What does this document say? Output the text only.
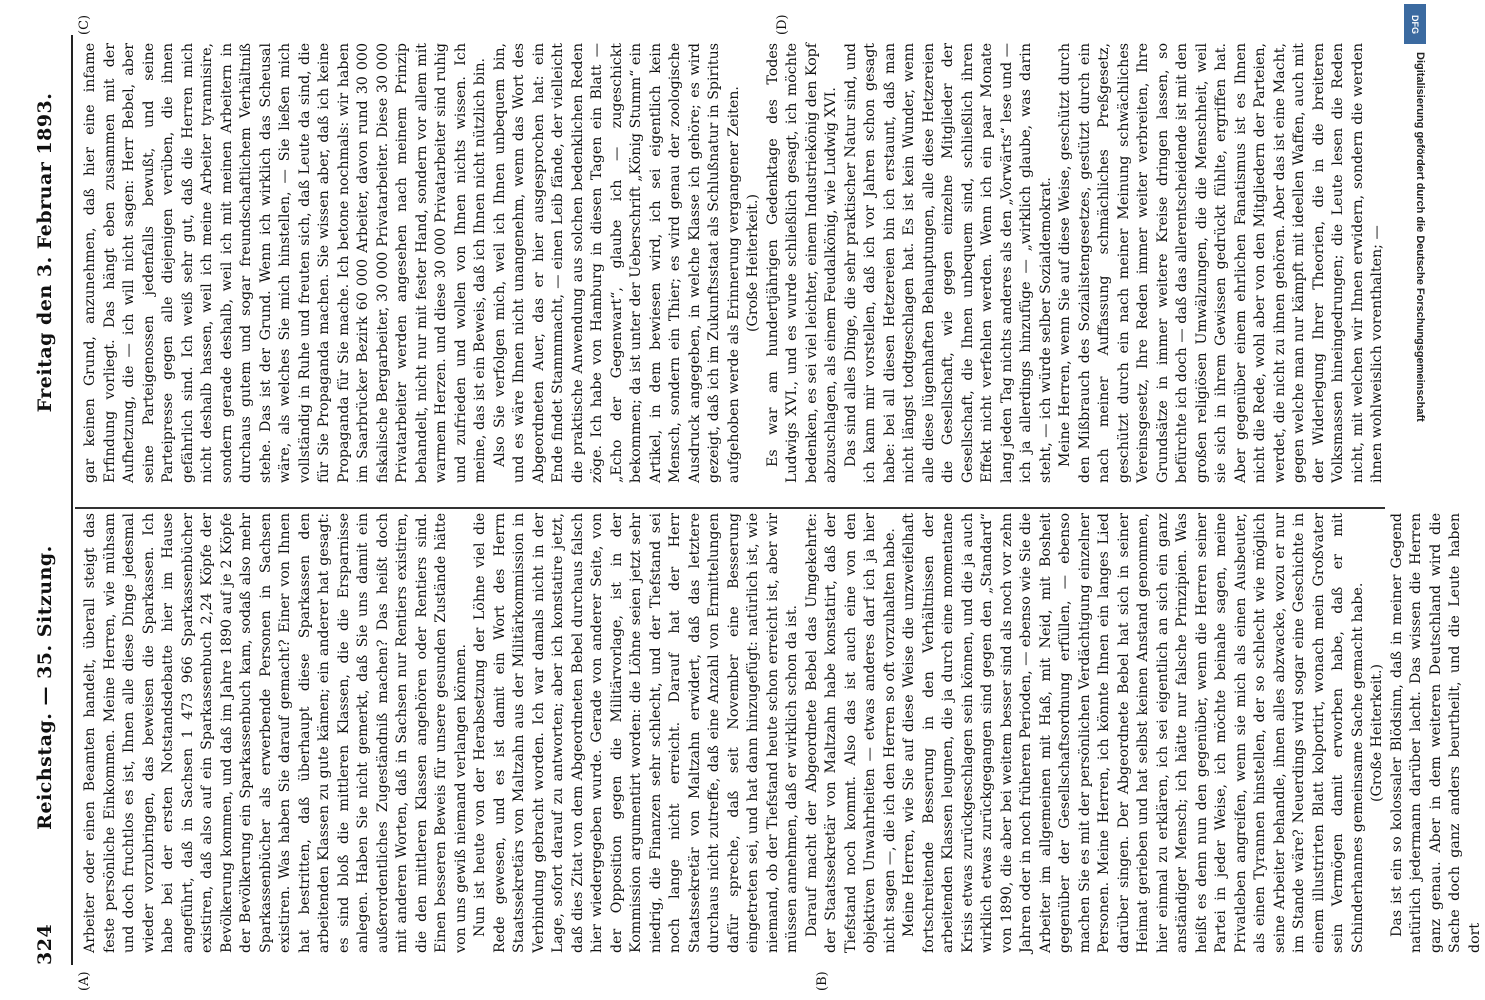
324
Reichstag. — 35. Sitzung.
Freitag den 3. Februar 1893.
(A)	(B)
(C)	(D)

Arbeiter oder einen Beamten handelt, überall steigt das feste persönliche Einkommen. Meine Herren, wie mühsam und doch fruchtlos es ist, Ihnen alle diese Dinge jedesmal wieder vorzubringen, das beweisen die Sparkassen. Ich habe bei der ersten Notstandsdebatte hier im Hause angeführt, daß in Sachsen 1 473 966 Sparkassenbücher existiren, daß also auf ein Sparkassenbuch 2,24 Köpfe der Bevölkerung kommen, und daß im Jahre 1890 auf je 2 Köpfe der Bevölkerung ein Sparkassenbuch kam, sodaß also mehr Sparkassenbücher als erwerbende Personen in Sachsen existiren. Was haben Sie darauf gemacht? Einer von Ihnen hat bestritten, daß überhaupt diese Sparkassen den arbeitenden Klassen zu gute kämen; ein anderer hat gesagt: es sind bloß die mittleren Klassen, die die Ersparnisse anlegen. Haben Sie nicht gemerkt, daß Sie uns damit ein außerordentliches Zugeständniß machen? Das heißt doch mit anderen Worten, daß in Sachsen nur Rentiers existiren, die den mittleren Klassen angehören oder Rentiers sind. Einen besseren Beweis für unsere gesunden Zustände hätte von uns gewiß niemand verlangen können. Nun ist heute von der Herabsetzung der Löhne viel die Rede gewesen, und es ist damit ein Wort des Herrn Staatssekretärs von Maltzahn aus der Militärkommission in Verbindung gebracht worden. Ich war damals nicht in der Lage, sofort darauf zu antworten; aber ich konstatire jetzt, daß dies Zitat von dem Abgeordneten Bebel durchaus falsch hier wiedergegeben wurde. Gerade von anderer Seite, von der Opposition gegen die Militärvorlage, ist in der Kommission argumentirt worden: die Löhne seien jetzt sehr niedrig, die Finanzen sehr schlecht, und der Tiefstand sei noch lange nicht erreicht. Darauf hat der Herr Staatssekretär von Maltzahn erwidert, daß das letztere durchaus nicht zutreffe, daß eine Anzahl von Ermittelungen dafür spreche, daß seit November eine Besserung eingetreten sei, und hat dann hinzugefügt: natürlich ist, wie niemand, ob der Tiefstand heute schon erreicht ist, aber wir müssen annehmen, daß er wirklich schon da ist. Darauf macht der Abgeordnete Bebel das Umgekehrte: der Staatssekretär von Maltzahn habe konstatirt, daß der Tiefstand noch kommt. Also das ist auch eine von den objektiven Unwahrheiten — etwas anderes darf ich ja hier nicht sagen —, die ich den Herren so oft vorzuhalten habe. Meine Herren, wie Sie auf diese Weise die unzweifelhaft fortschreitende Besserung in den Verhältnissen der arbeitenden Klassen leugnen, die ja durch eine momentane Krisis etwas zurückgeschlagen sein können, und die ja auch wirklich etwas zurückgegangen sind gegen den „Standard“ von 1890, die aber bei weitem besser sind als noch vor zehn Jahren oder in noch früheren Perioden, — ebenso wie Sie die Arbeiter im allgemeinen mit Haß, mit Neid, mit Bosheit gegenüber der Gesellschaftsordnung erfüllen, — ebenso machen Sie es mit der persönlichen Verdächtigung einzelner Personen. Meine Herren, ich könnte Ihnen ein langes Lied darüber singen. Der Abgeordnete Bebel hat sich in seiner Heimat gerieben und hat selbst keinen Anstand genommen, hier einmal zu erklären, ich sei eigentlich an sich ein ganz anständiger Mensch; ich hätte nur falsche Prinzipien. Was heißt es denn nun den gegenüber, wenn die Herren seiner Partei in jeder Weise, ich möchte beinahe sagen, meine Privatleben angreifen, wenn sie mich als einen Ausbeuter, als einen Tyrannen hinstellen, der so schlecht wie möglich seine Arbeiter behandle, ihnen alles abzwacke, wozu er nur im Stande wäre? Neuerdings wird sogar eine Geschichte in einem illustrirten Blatt kolportirt, wonach mein Großvater sein Vermögen damit erworben habe, daß er mit Schinderhannes gemeinsame Sache gemacht habe. (Große Heiterkeit.) Das ist ein so kolossaler Blödsinn, daß in meiner Gegend natürlich jedermann darüber lacht. Das wissen die Herren ganz genau. Aber in dem weiteren Deutschland wird die Sache doch ganz anders beurtheilt, und die Leute haben dort

gar keinen Grund, anzunehmen, daß hier eine infame Erfindung vorliegt. Das hängt eben zusammen mit der Aufhetzung, die — ich will nicht sagen: Herr Bebel, aber seine Parteigenossen jedenfalls bewußt, und seine Parteipresse gegen alle diejenigen verüben, die ihnen gefährlich sind. Ich weiß sehr gut, daß die Herren mich nicht deshalb hassen, weil ich meine Arbeiter tyrannisire, sondern gerade deshalb, weil ich mit meinen Arbeitern in durchaus gutem und sogar freundschaftlichem Verhältniß stehe. Das ist der Grund. Wenn ich wirklich das Scheusal wäre, als welches Sie mich hinstellen, — Sie ließen mich vollständig in Ruhe und freuten sich, daß Leute da sind, die für Sie Propaganda machen. Sie wissen aber, daß ich keine Propaganda für Sie mache. Ich betone nochmals: wir haben im Saarbrücker Bezirk 60 000 Arbeiter, davon rund 30 000 fiskalische Bergarbeiter, 30 000 Privatarbeiter. Diese 30 000 Privatarbeiter werden angesehen nach meinem Prinzip behandelt, nicht nur mit fester Hand, sondern vor allem mit warmem Herzen. und diese 30 000 Privatarbeiter sind ruhig und zufrieden und wollen von Ihnen nichts wissen. Ich meine, das ist ein Beweis, daß ich Ihnen nicht nützlich bin. Also Sie verfolgen mich, weil ich Ihnen unbequem bin, und es wäre Ihnen nicht unangenehm, wenn das Wort des Abgeordneten Auer, das er hier ausgesprochen hat: ein Ende findet Stammmacht, — einen Leib fände, der vielleicht die praktische Anwendung aus solchen bedenklichen Reden zöge. Ich habe von Hamburg in diesen Tagen ein Blatt — „Echo der Gegenwart“, glaube ich — zugeschickt bekommen; da ist unter der Ueberschrift „König Stumm“ ein Artikel, in dem bewiesen wird, ich sei eigentlich kein Mensch, sondern ein Thier; es wird genau der zoologische Ausdruck angegeben, in welche Klasse ich gehöre; es wird gezeigt, daß ich im Zukunftsstaat als Schlußnatur in Spiritus aufgehoben werde als Erinnerung vergangener Zeiten. (Große Heiterkeit.) Es war am hundertjährigen Gedenktage des Todes Ludwigs XVI., und es wurde schließlich gesagt, ich möchte bedenken, es sei viel leichter, einem Industriekönig den Kopf abzuschlagen, als einem Feudalkönig, wie Ludwig XVI. Das sind alles Dinge, die sehr praktischer Natur sind, und ich kann mir vorstellen, daß ich vor Jahren schon gesagt habe: bei all diesen Hetzereien bin ich erstaunt, daß man nicht längst todtgeschlagen hat. Es ist kein Wunder, wenn alle diese lügenhaften Behauptungen, alle diese Hetzereien die Gesellschaft, wie gegen einzelne Mitglieder der Gesellschaft, die Ihnen unbequem sind, schließlich ihren Effekt nicht verfehlen werden. Wenn ich ein paar Monate lang jeden Tag nichts anderes als den „Vorwärts“ lese und — ich ja allerdings hinzufüge — „wirklich glaube, was darin steht, — ich würde selber Sozialdemokrat. Meine Herren, wenn Sie auf diese Weise, geschützt durch den Mißbrauch des Sozialistengesetzes, gestützt durch ein nach meiner Auffassung schmächliches Preßgesetz, geschützt durch ein nach meiner Meinung schwächliches Vereinsgesetz, Ihre Reden immer weiter verbreiten, Ihre Grundsätze in immer weitere Kreise dringen lassen, so befürchte ich doch — daß das allerentscheidende ist mit den großen religiösen Umwälzungen, die die Menschheit, weil sie sich in ihrem Gewissen gedrückt fühlte, ergriffen hat. Aber gegenüber einem ehrlichen Fanatismus ist es Ihnen nicht die Rede, wohl aber von den Mitgliedern der Parteien, werdet, die nicht zu ihnen gehören. Aber das ist eine Macht, gegen welche man nur kämpft mit ideellen Waffen, auch mit der Widerlegung Ihrer Theorien, die in die breiteren Volksmassen hineingedrungen; die Leute lesen die Reden nicht, mit welchen wir Ihnen erwidern, sondern die werden ihnen wohlweislich vorenthalten; —

DFG
Digitalisierung gefördert durch die Deutsche Forschungsgemeinschaft
